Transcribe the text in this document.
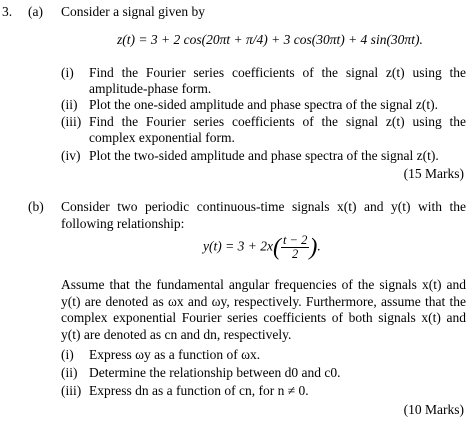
3. (a) Consider a signal given by
z(t) = 3 + 2 cos(20πt + π/4) + 3 cos(30πt) + 4 sin(30πt).
(i) Find the Fourier series coefficients of the signal z(t) using the amplitude-phase form.
(ii) Plot the one-sided amplitude and phase spectra of the signal z(t).
(iii) Find the Fourier series coefficients of the signal z(t) using the complex exponential form.
(iv) Plot the two-sided amplitude and phase spectra of the signal z(t).
(15 Marks)
(b) Consider two periodic continuous-time signals x(t) and y(t) with the following relationship:
$y(t) = 3 + 2x( \frac{t - 2}{2}$ ).
Assume that the fundamental angular frequencies of the signals x(t) and y(t) are denoted as ωx and ωy, respectively. Furthermore, assume that the complex exponential Fourier series coefficients of both signals x(t) and y(t) are denoted as cn and dn, respectively.
(i) Express ωy as a function of ωx.
(ii) Determine the relationship between d0 and c0.
(iii) Express dn as a function of cn, for n ≠ 0.
(10 Marks)
